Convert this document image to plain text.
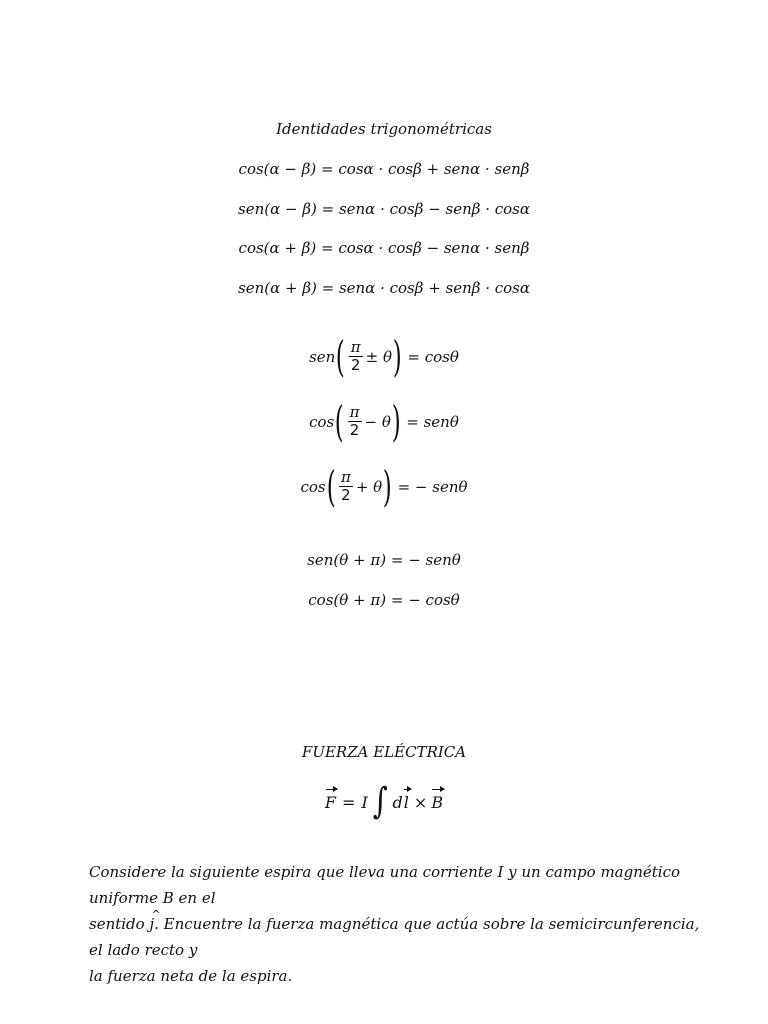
Identidades trigonométricas
cos(α − β) = cosα · cosβ + senα · senβ
sen(α − β) = senα · cosβ − senβ · cosα
cos(α + β) = cosα · cosβ − senα · senβ
sen(α + β) = senα · cosβ + senβ · cosα
sen ( $\frac{\pi}{2} \pm \theta$ ) = cosθ
cos ( $\frac{\pi}{2} - \theta$ ) = senθ
cos ( $\frac{\pi}{2} + \theta$ ) = − senθ
sen(θ + π) = − senθ
cos(θ + π) = − cosθ
FUERZA ELÉCTRICA
F = I ∫ d l × B

Considere la siguiente espira que lleva una corriente I y un campo magnético uniforme B en el
sentido ^ j. Encuentre la fuerza magnética que actúa sobre la semicircunferencia, el lado recto y
la fuerza neta de la espira.
